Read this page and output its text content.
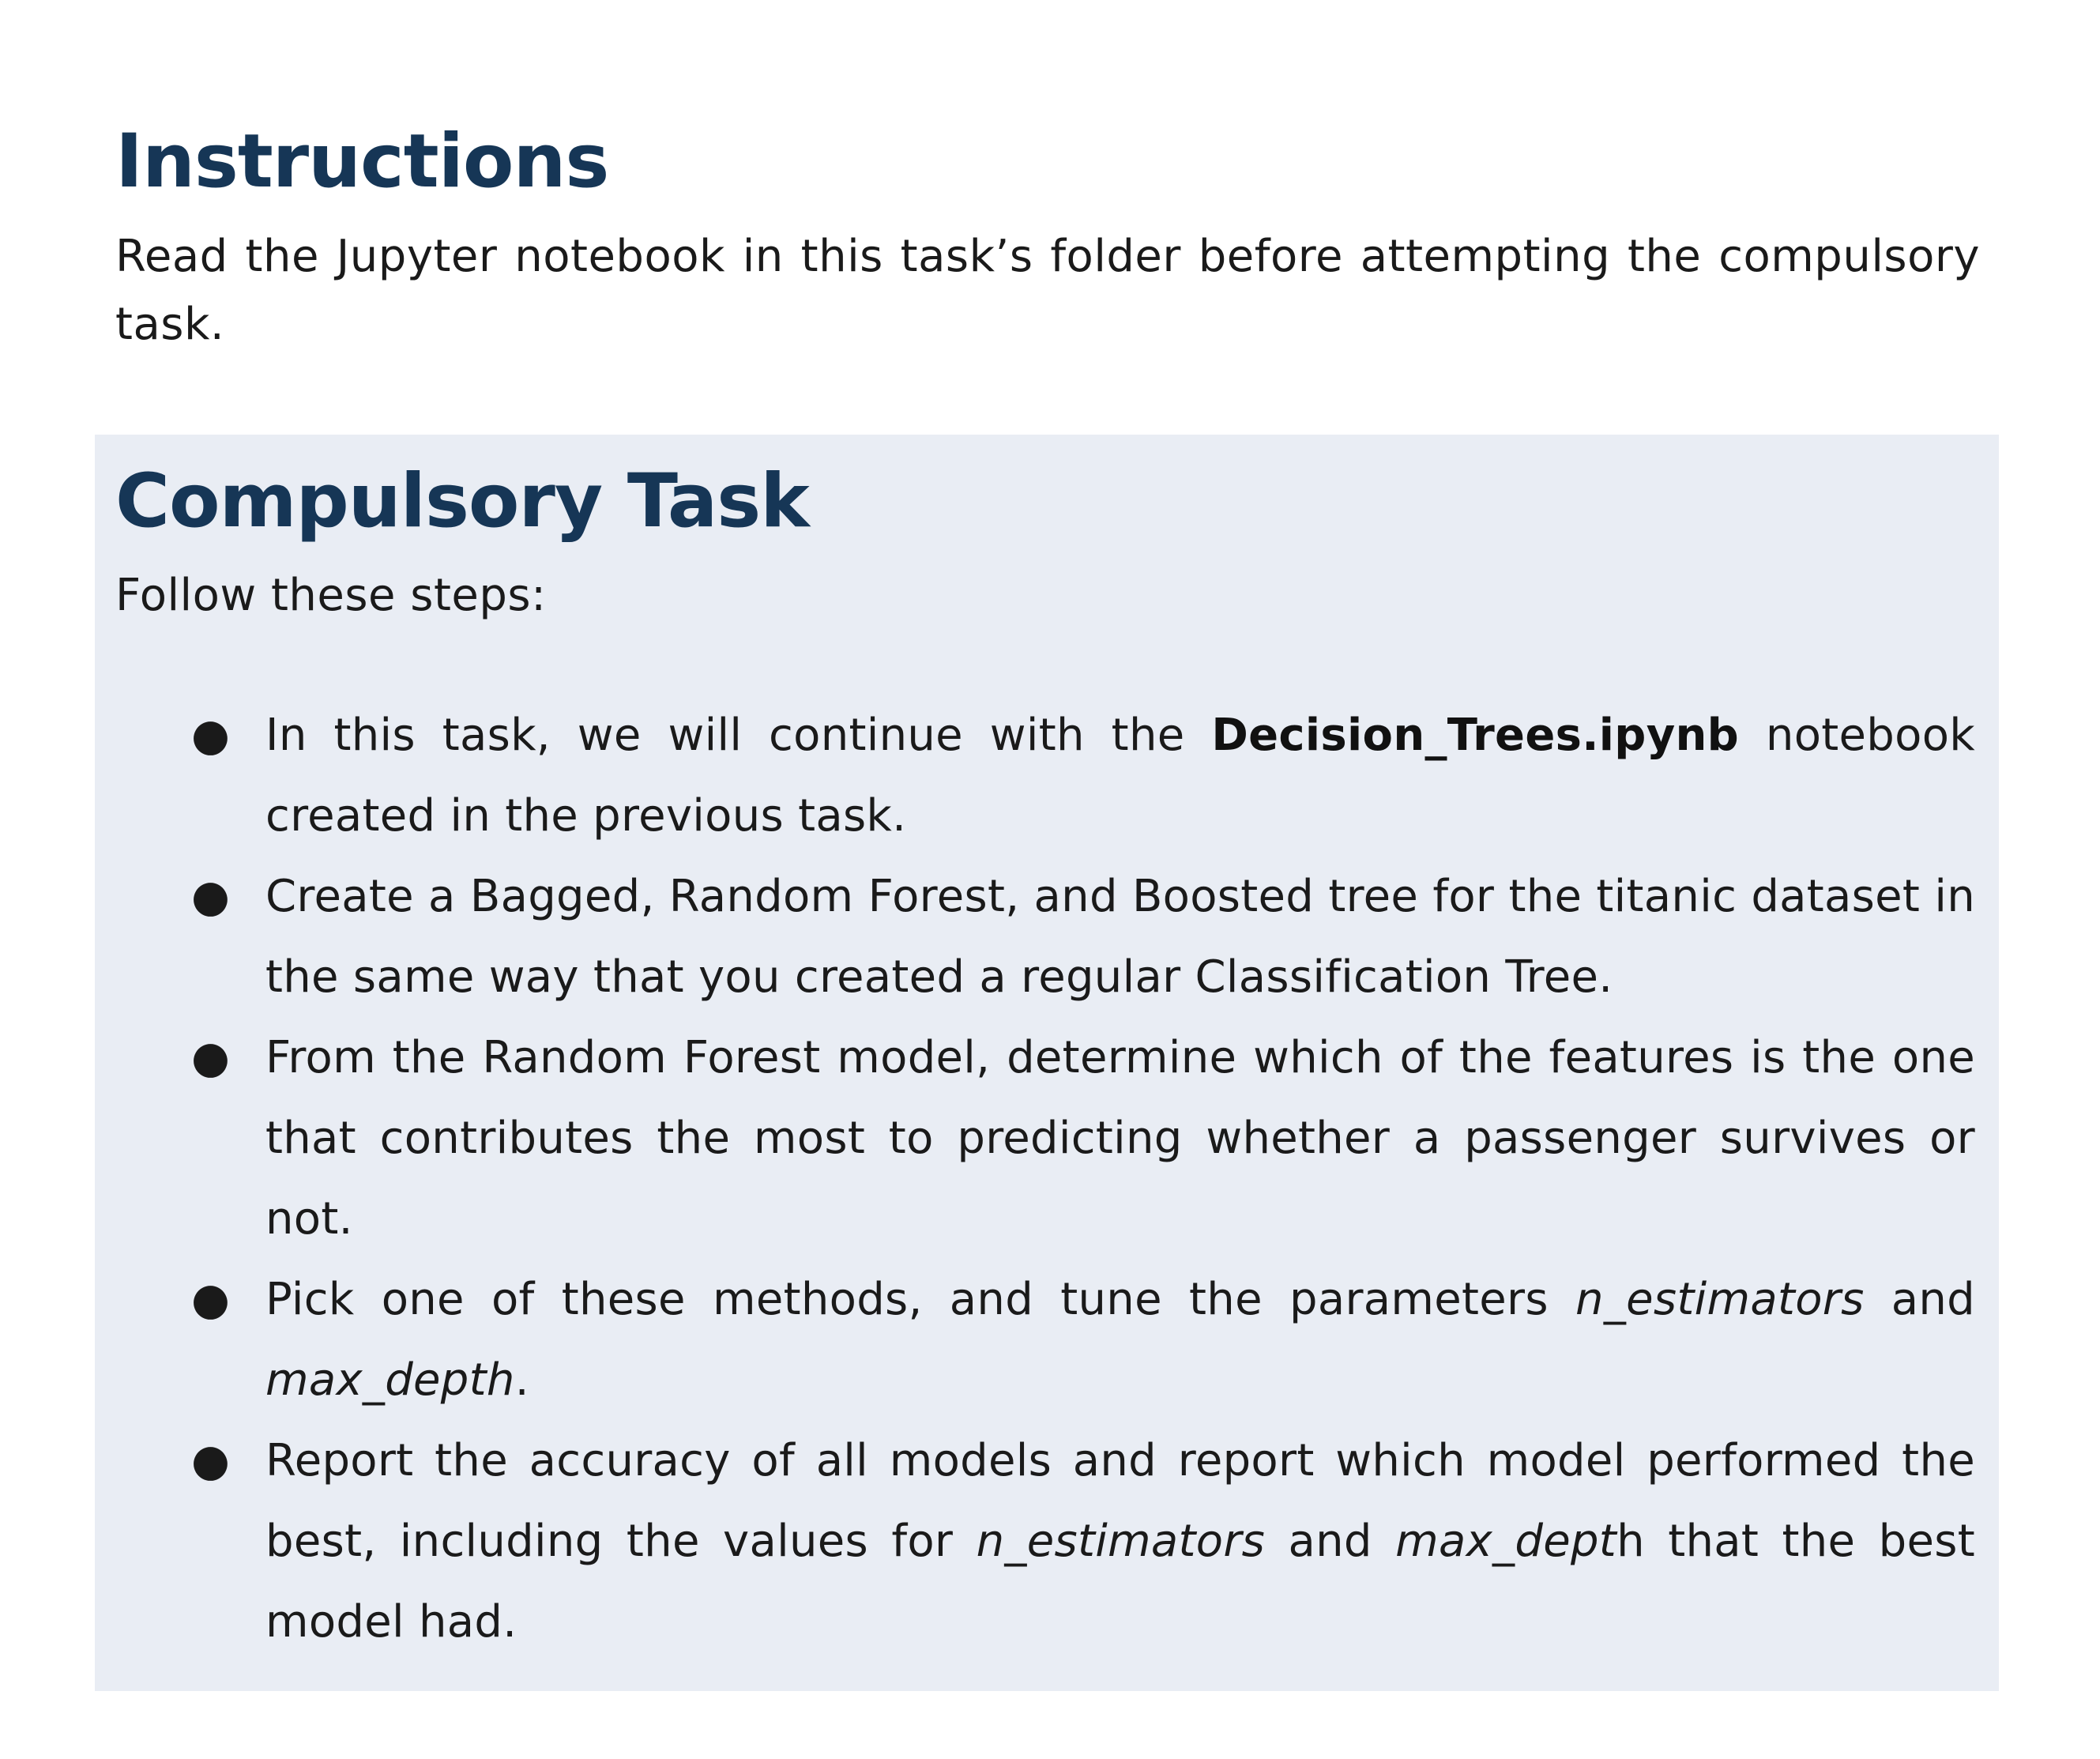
Instructions

Read the Jupyter notebook in this task’s folder before attempting the compulsory task.

Compulsory Task

Follow these steps:

● In this task, we will continue with the Decision_Trees.ipynb notebook created in the previous task.
● Create a Bagged, Random Forest, and Boosted tree for the titanic dataset in the same way that you created a regular Classification Tree.
● From the Random Forest model, determine which of the features is the one that contributes the most to predicting whether a passenger survives or not.
● Pick one of these methods, and tune the parameters n_estimators and max_depth.
● Report the accuracy of all models and report which model performed the best, including the values for n_estimators and max_depth that the best model had.
